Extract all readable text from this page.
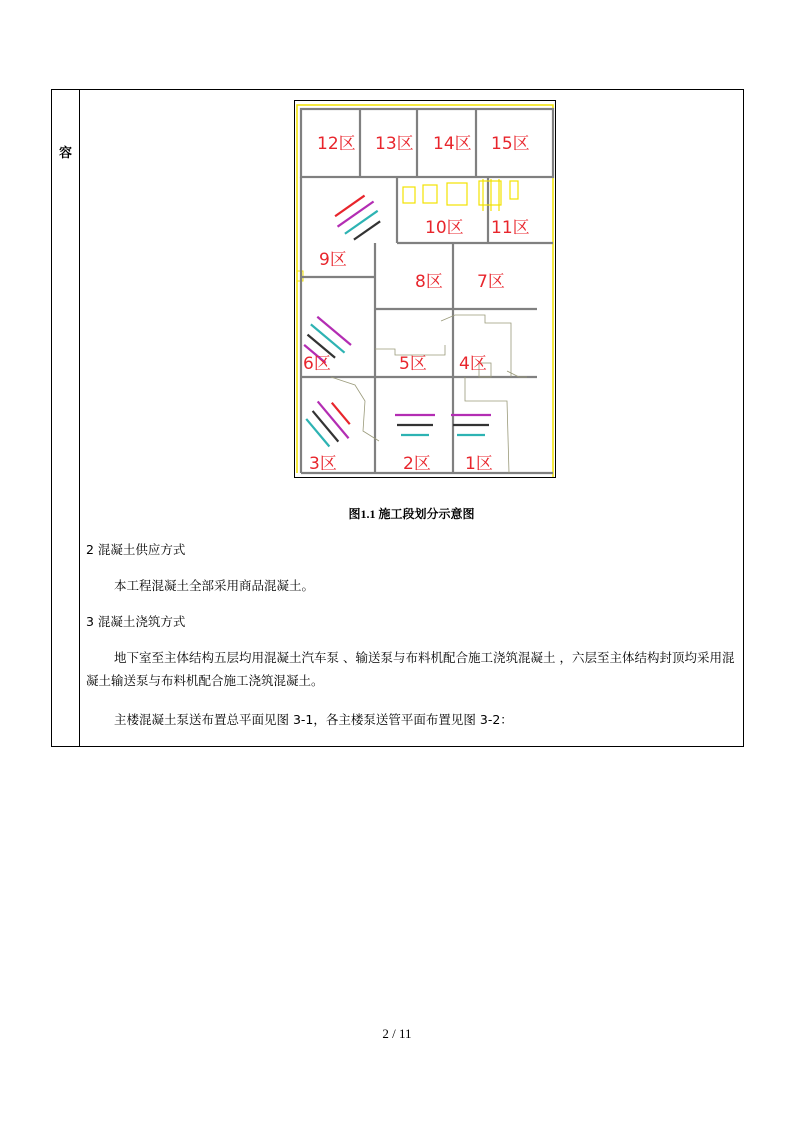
容	12区 13区 14区 15区
10区 11区
9区
8区 7区
6区	5区 4区
3区	2区 1区
图1.1 施工段划分示意图
2 混凝土供应方式
本工程混凝土全部采用商品混凝土。
3 混凝土浇筑方式
地下室至主体结构五层均用混凝土汽车泵 、输送泵与布料机配合施工浇筑混凝土 ，六层至主体结构封顶均采用混凝土输送泵与布料机配合施工浇筑混凝土。
主楼混凝土泵送布置总平面见图 3-1，各主楼泵送管平面布置见图 3-2：
2 / 11
